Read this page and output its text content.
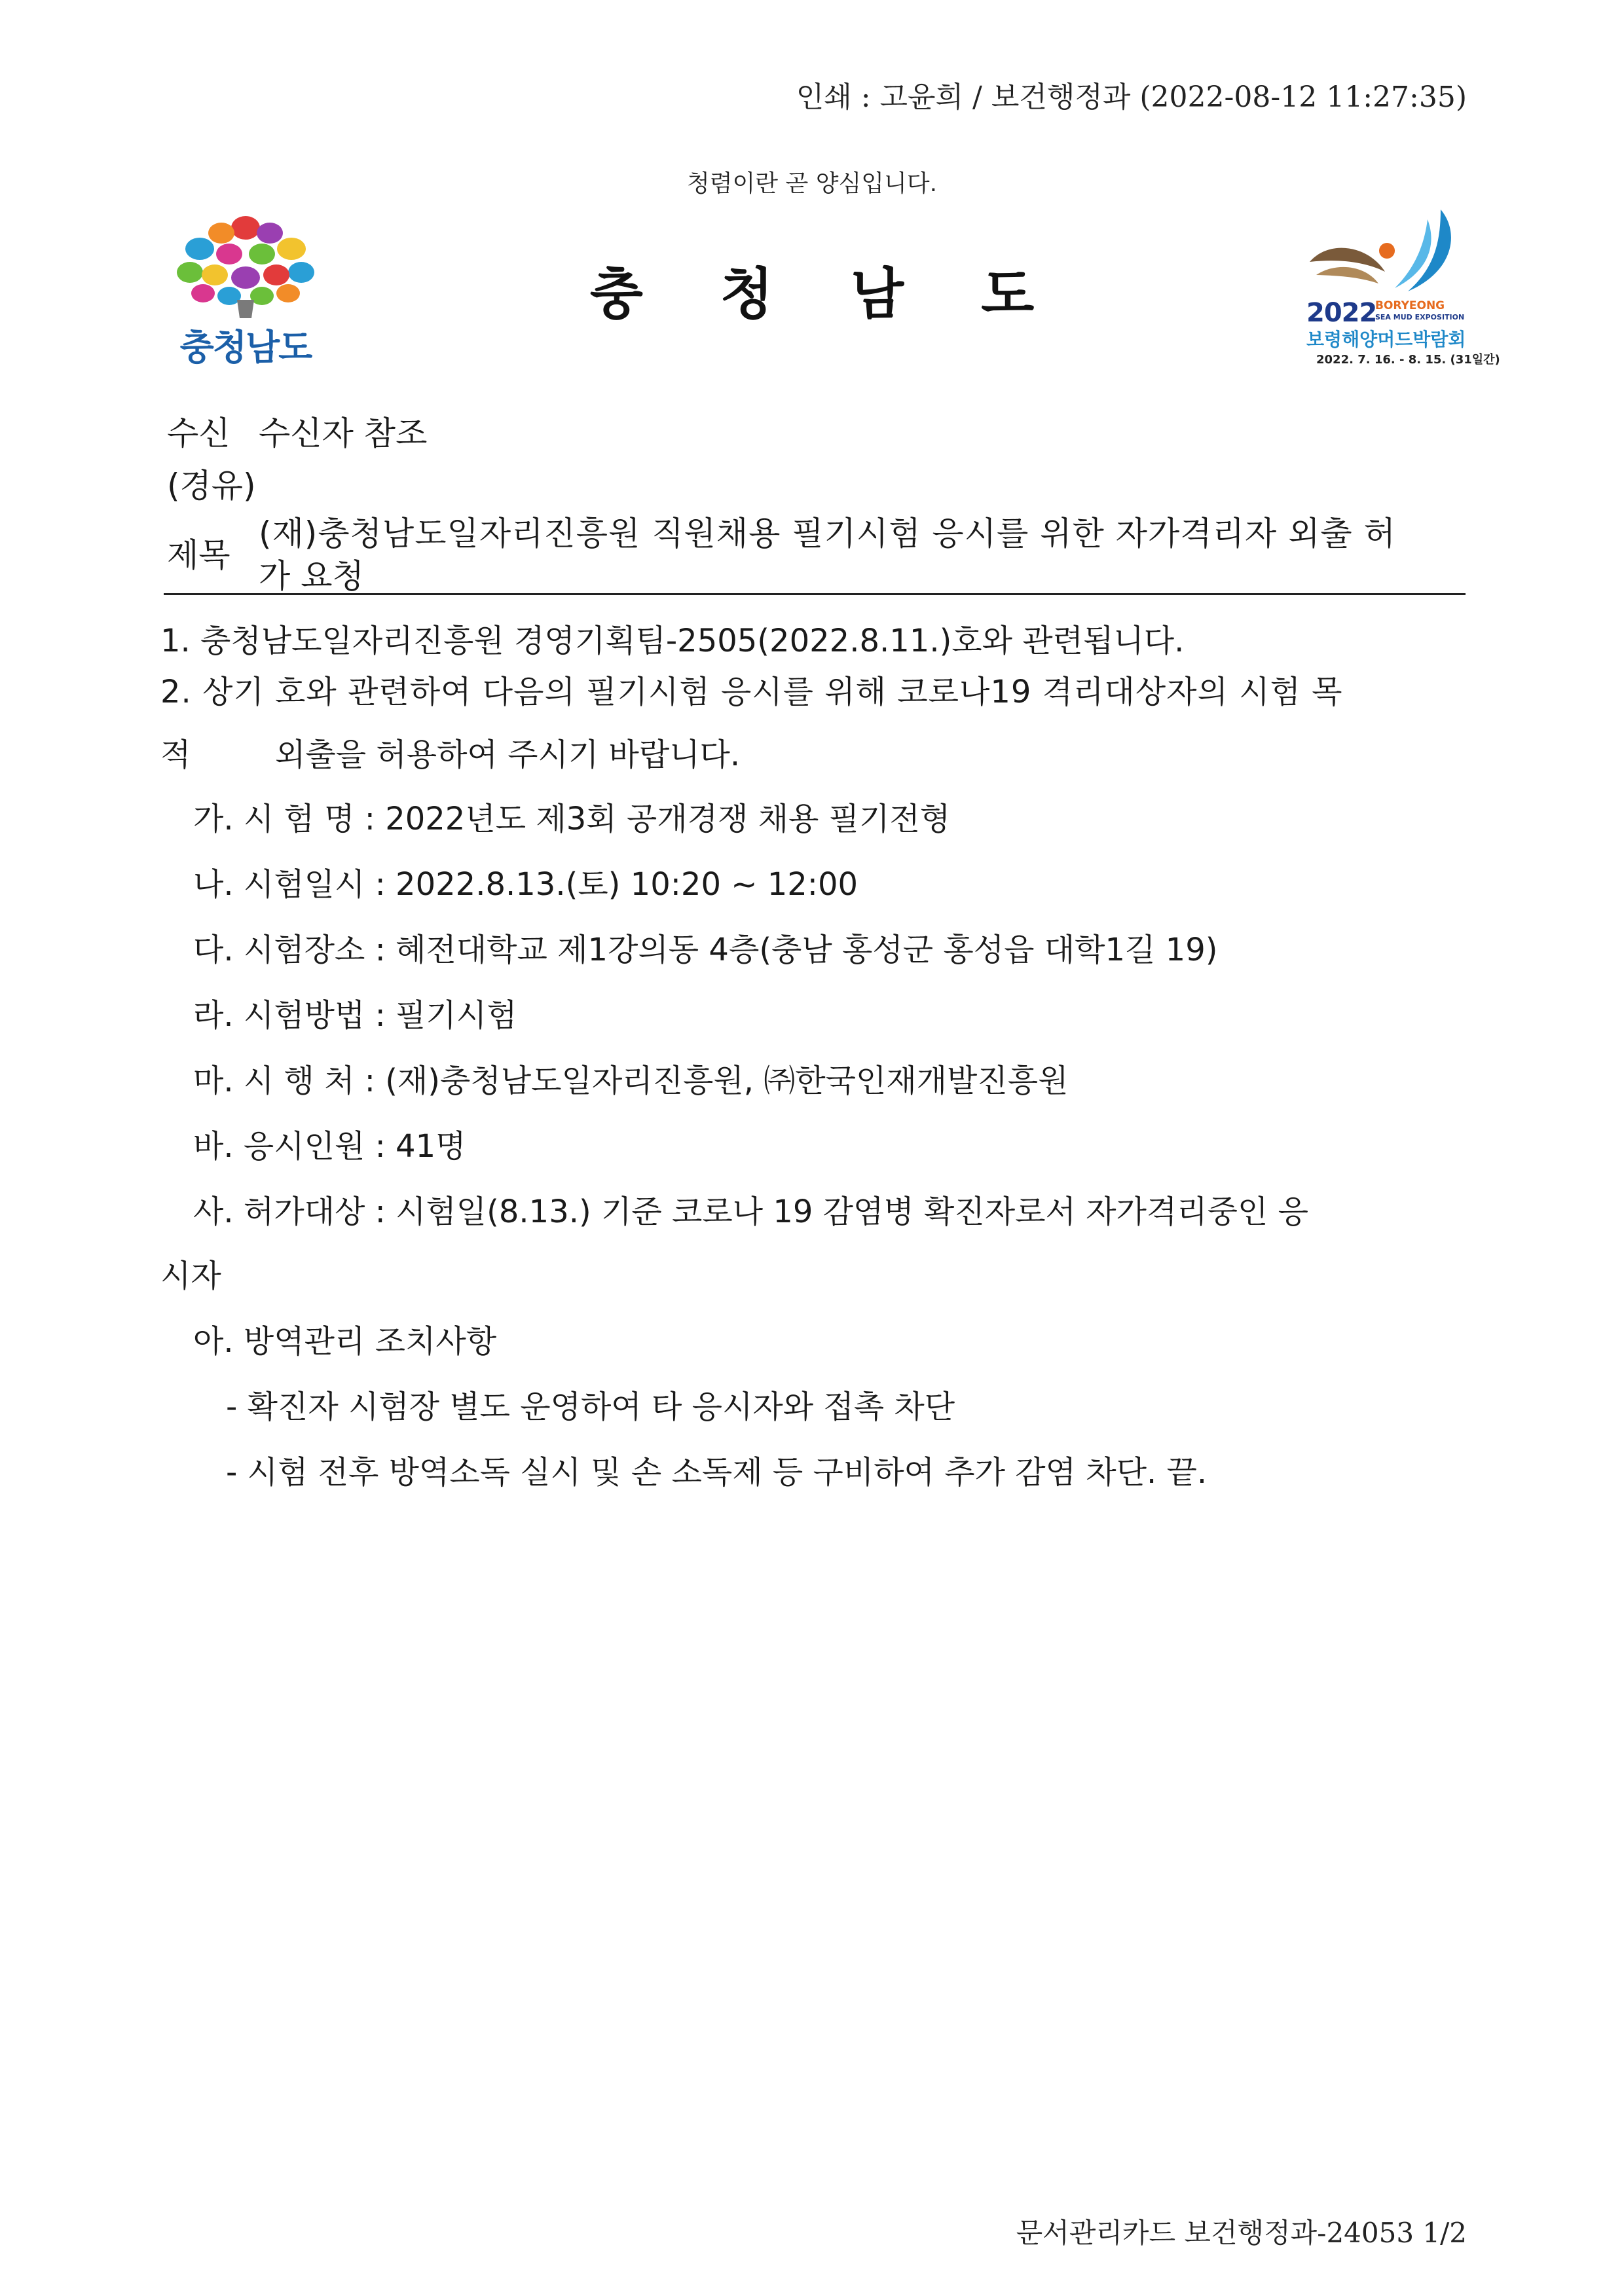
인쇄 : 고윤희 / 보건행정과 (2022-08-12 11:27:35)
청렴이란 곧 양심입니다.
충청남도
충청남도	2022
BORYEONG
SEA MUD EXPOSITION
보령해양머드박람회
2022. 7. 16. - 8. 15. (31일간)
수신 수신자 참조
(경유)
제목
(재)충청남도일자리진흥원 직원채용 필기시험 응시를 위한 자가격리자 외출 허
가 요청
1. 충청남도일자리진흥원 경영기획팀-2505(2022.8.11.)호와 관련됩니다.
2. 상기 호와 관련하여 다음의 필기시험 응시를 위해 코로나19 격리대상자의 시험 목
적	외출을 허용하여 주시기 바랍니다.
가. 시 험 명 : 2022년도 제3회 공개경쟁 채용 필기전형
나. 시험일시 : 2022.8.13.(토) 10:20 ~ 12:00
다. 시험장소 : 혜전대학교 제1강의동 4층(충남 홍성군 홍성읍 대학1길 19)
라. 시험방법 : 필기시험
마. 시 행 처 : (재)충청남도일자리진흥원, ㈜한국인재개발진흥원
바. 응시인원 : 41명
사. 허가대상 : 시험일(8.13.) 기준 코로나 19 감염병 확진자로서 자가격리중인 응
시자
아. 방역관리 조치사항
- 확진자 시험장 별도 운영하여 타 응시자와 접촉 차단
- 시험 전후 방역소독 실시 및 손 소독제 등 구비하여 추가 감염 차단. 끝.
문서관리카드 보건행정과-24053 1/2
